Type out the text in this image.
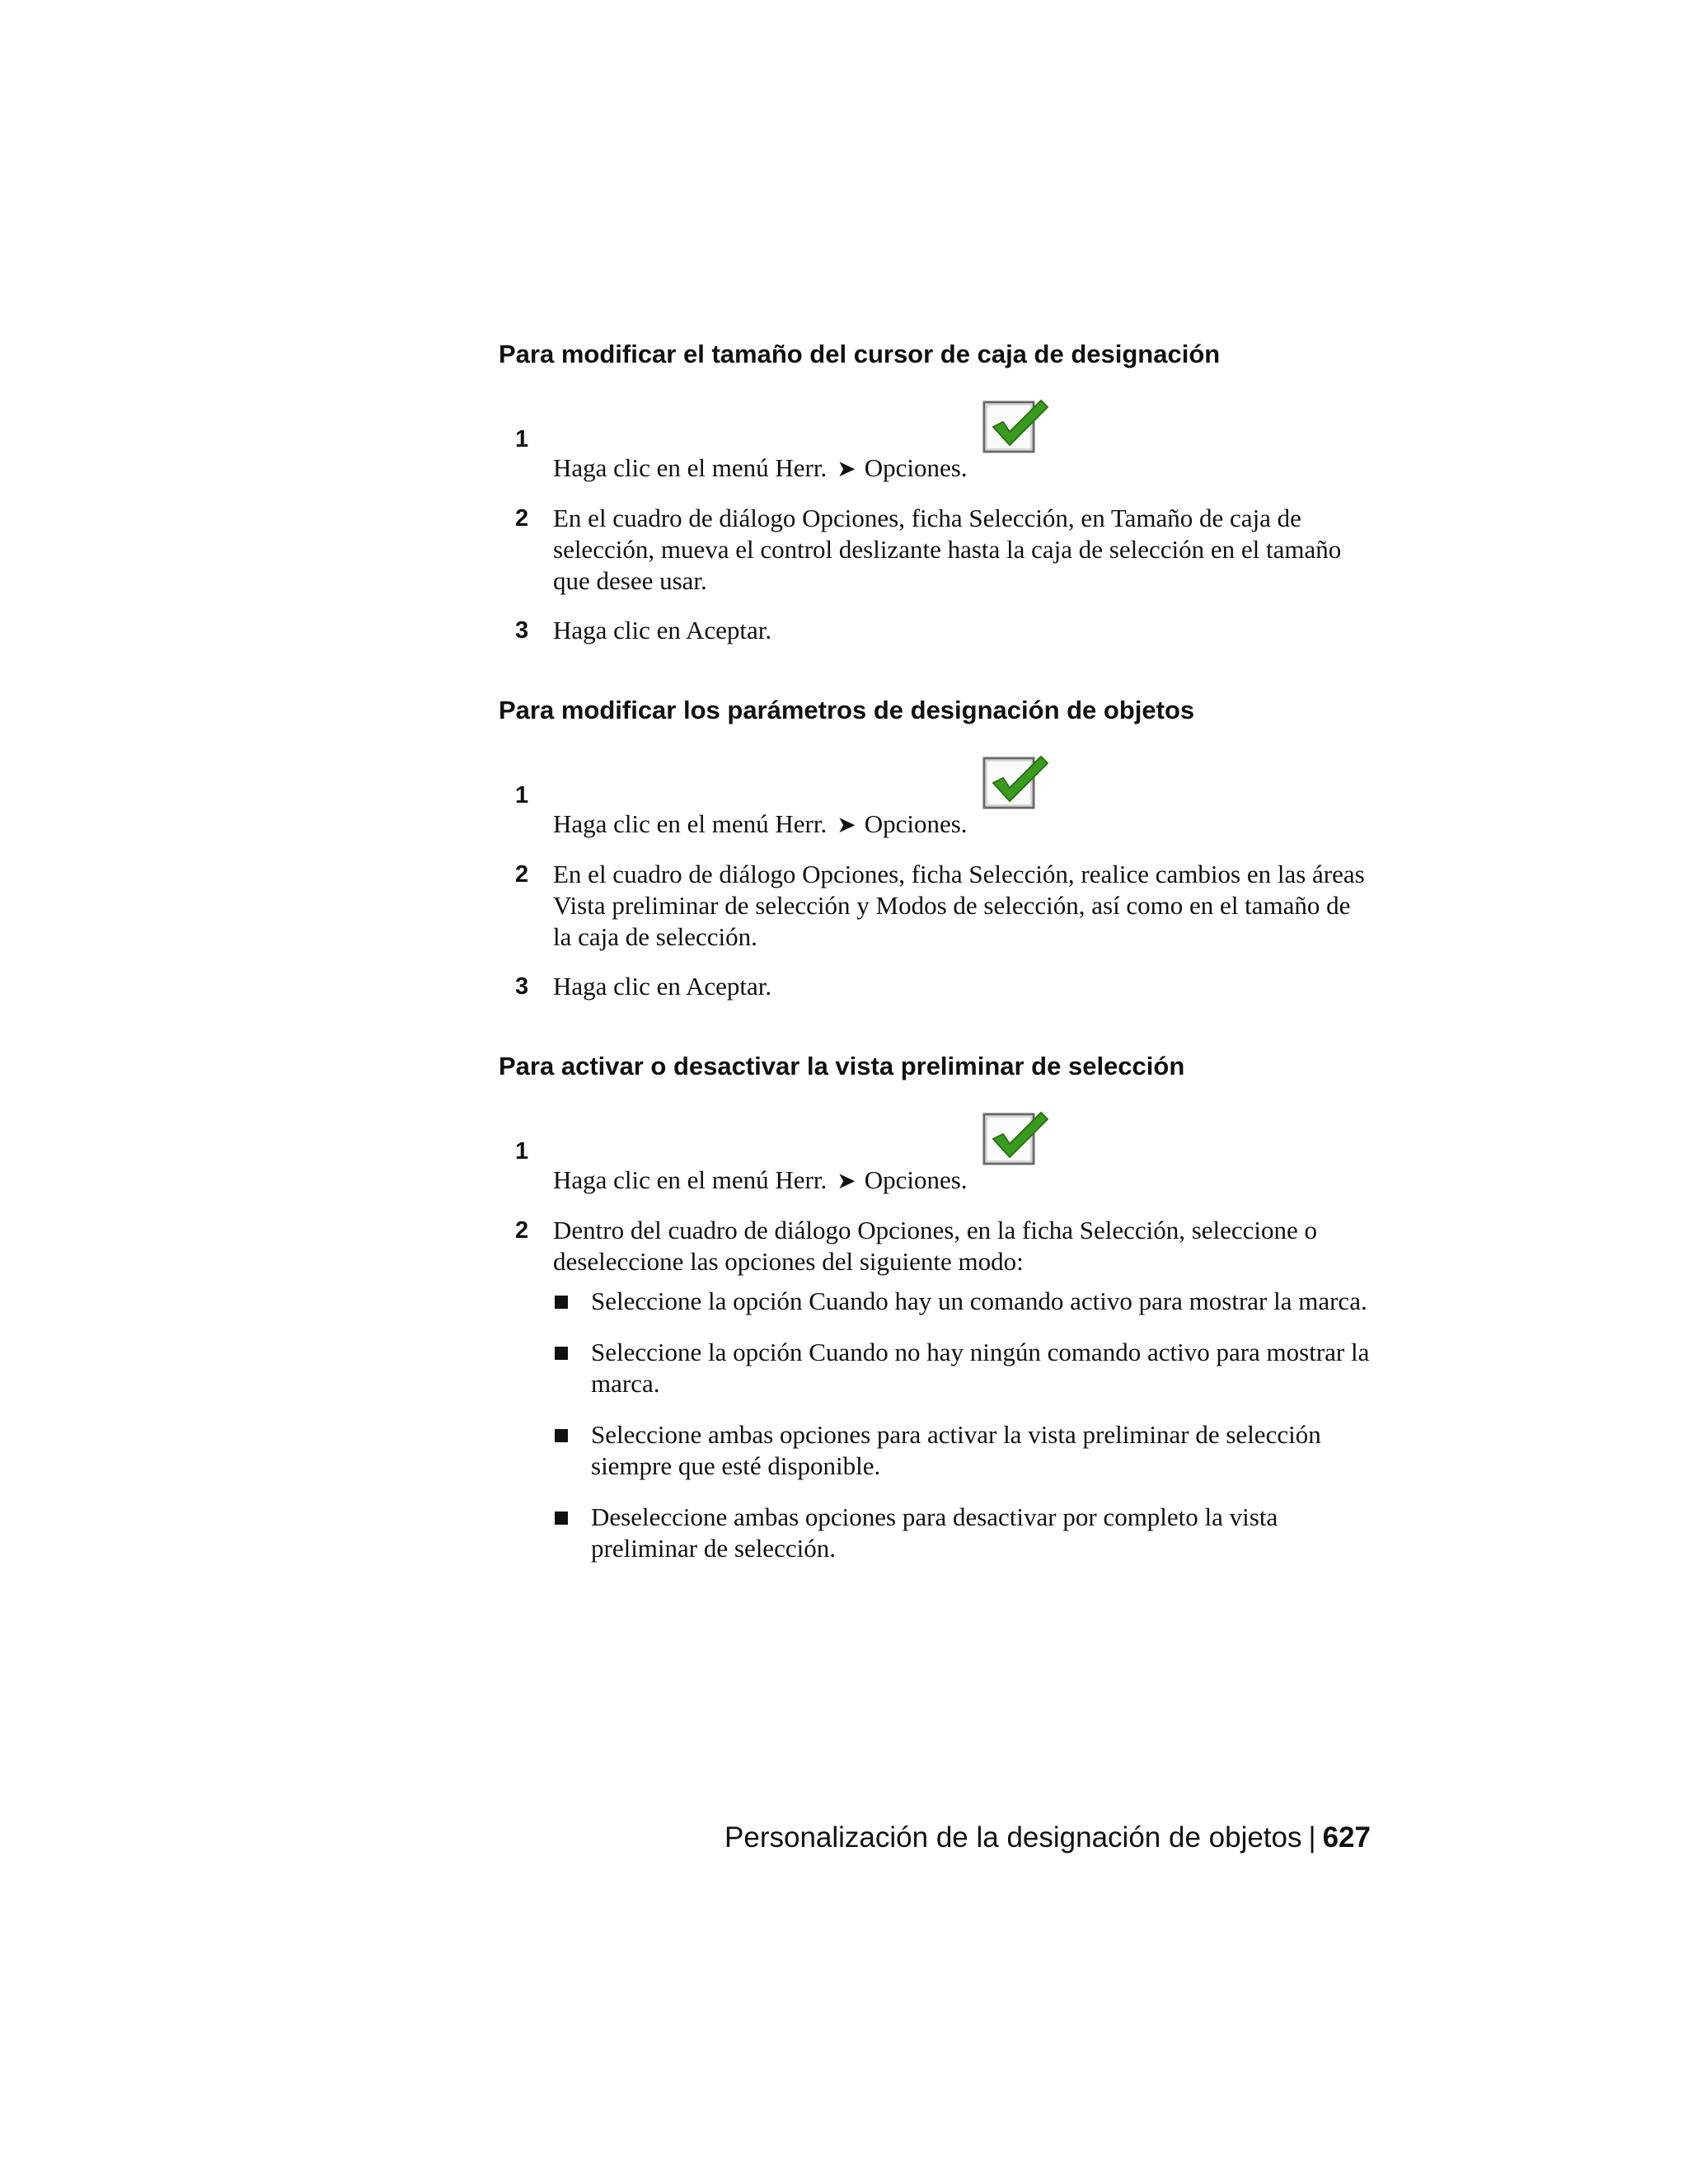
Para modificar el tamaño del cursor de caja de designación
1
Haga clic en el menú Herr. ➤ Opciones.
2 En el cuadro de diálogo Opciones, ficha Selección, en Tamaño de caja de selección, mueva el control deslizante hasta la caja de selección en el tamaño que desee usar.
3 Haga clic en Aceptar.
Para modificar los parámetros de designación de objetos
1
Haga clic en el menú Herr. ➤ Opciones.
2 En el cuadro de diálogo Opciones, ficha Selección, realice cambios en las áreas Vista preliminar de selección y Modos de selección, así como en el tamaño de la caja de selección.
3 Haga clic en Aceptar.
Para activar o desactivar la vista preliminar de selección
1
Haga clic en el menú Herr. ➤ Opciones.
2 Dentro del cuadro de diálogo Opciones, en la ficha Selección, seleccione o deseleccione las opciones del siguiente modo:
Seleccione la opción Cuando hay un comando activo para mostrar la marca.
Seleccione la opción Cuando no hay ningún comando activo para mostrar la marca.
Seleccione ambas opciones para activar la vista preliminar de selección siempre que esté disponible.
Deseleccione ambas opciones para desactivar por completo la vista preliminar de selección.
Personalización de la designación de objetos | 627
